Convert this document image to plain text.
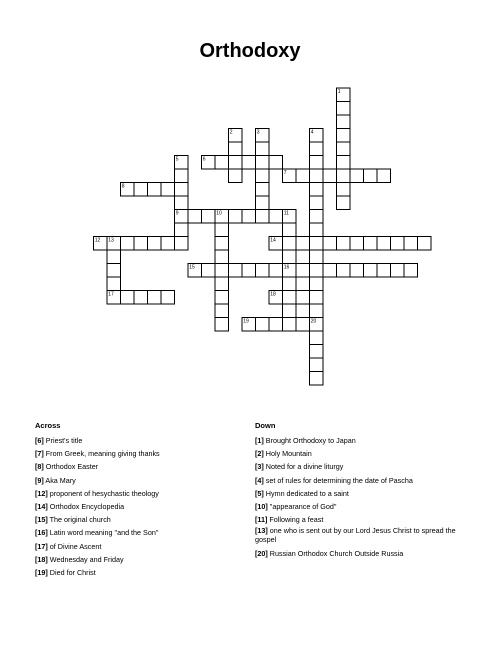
Orthodoxy
1
2	3	4
5	6
7
8
9	10	11
12 13	14
15	16
17	18
19	20
Across
[6] Priest's title
[7] From Greek, meaning giving thanks
[8] Orthodox Easter
[9] Aka Mary
[12] proponent of hesychastic theology
[14] Orthodox Encyclopedia
[15] The original church
[16] Latin word meaning "and the Son"
[17] of Divine Ascent
[18] Wednesday and Friday
[19] Died for Christ
Down
[1] Brought Orthodoxy to Japan
[2] Holy Mountain
[3] Noted for a divine liturgy
[4] set of rules for determining the date of Pascha
[5] Hymn dedicated to a saint
[10] "appearance of God"
[11] Following a feast
[13] one who is sent out by our Lord Jesus Christ to spread the gospel
[20] Russian Orthodox Church Outside Russia
